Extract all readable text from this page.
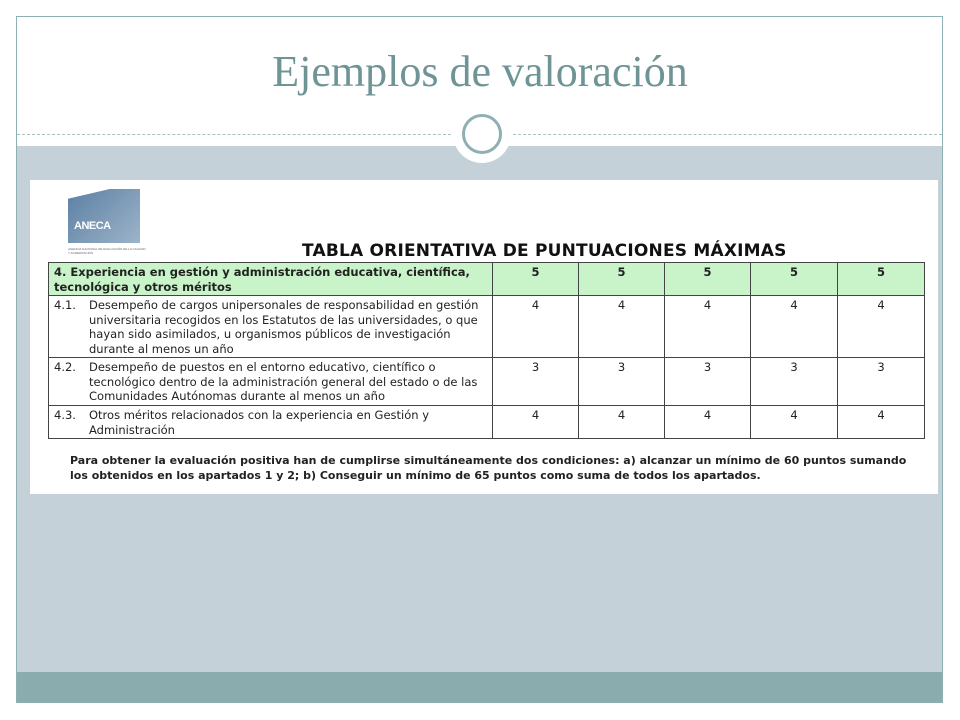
Ejemplos de valoración
ANECA
AGENCIA NACIONAL DE EVALUACIÓN DE LA CALIDAD Y ACREDITACIÓN	TABLA ORIENTATIVA DE PUNTUACIONES MÁXIMAS
4. Experiencia en gestión y administración educativa, científica, tecnológica y otros méritos	5	5	5	5	5

4.1. Desempeño de cargos unipersonales de responsabilidad en gestión universitaria recogidos en los Estatutos de las universidades, o que hayan sido asimilados, u organismos públicos de investigación durante al menos un año	4	4	4	4	4

4.2. Desempeño de puestos en el entorno educativo, científico o tecnológico dentro de la administración general del estado o de las Comunidades Autónomas durante al menos un año	3	3	3	3	3

4.3. Otros méritos relacionados con la experiencia en Gestión y Administración	4	4	4	4	4
Para obtener la evaluación positiva han de cumplirse simultáneamente dos condiciones: a) alcanzar un mínimo de 60 puntos sumando los obtenidos en los apartados 1 y 2; b) Conseguir un mínimo de 65 puntos como suma de todos los apartados.
